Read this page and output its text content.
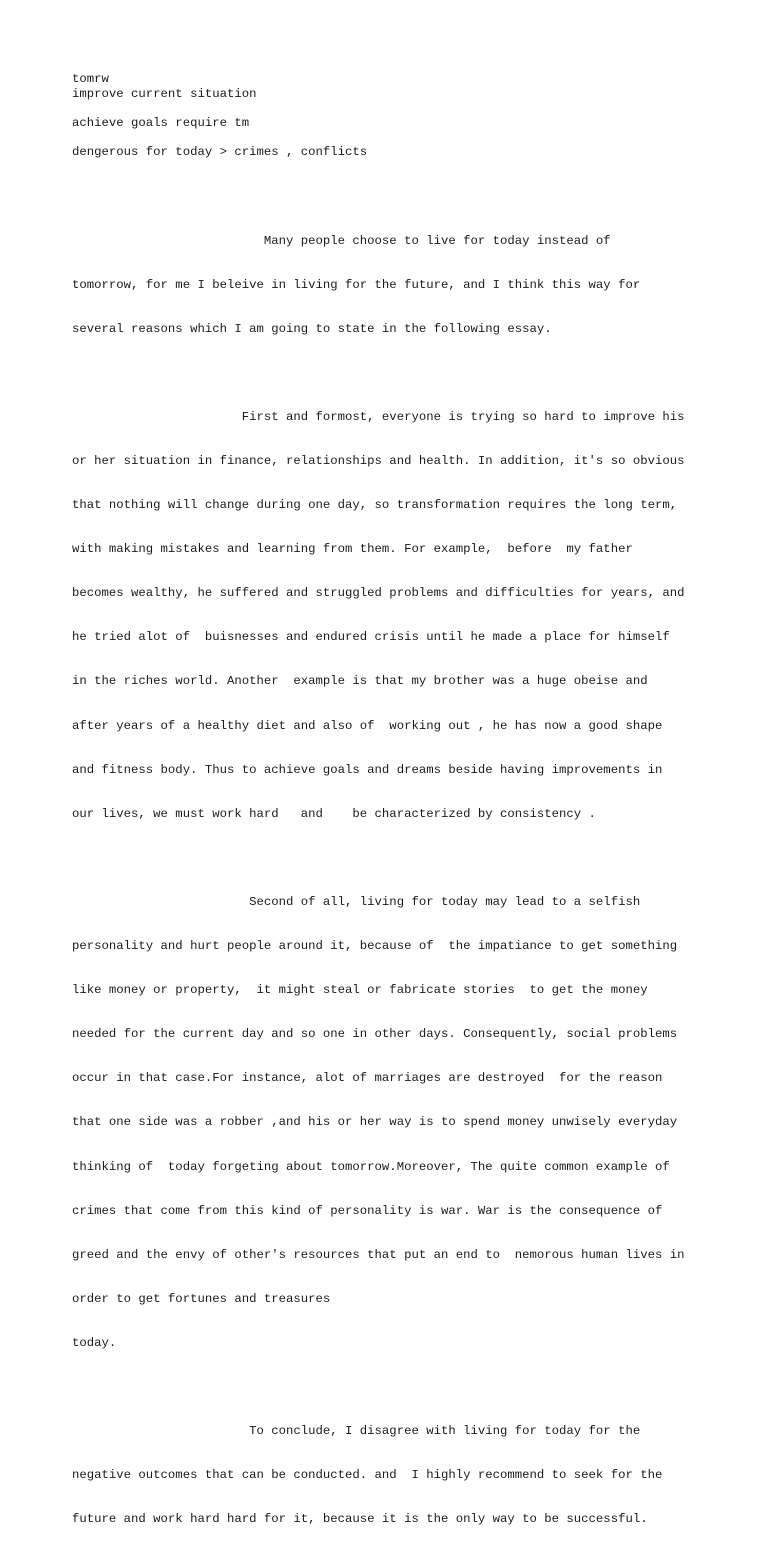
tomrw
improve current situation
achieve goals require tm
dengerous for today > crimes , conflicts

Many people choose to live for today instead of

tomorrow, for me I beleive in living for the future, and I think this way for

several reasons which I am going to state in the following essay.

First and formost, everyone is trying so hard to improve his

or her situation in finance, relationships and health. In addition, it's so obvious

that nothing will change during one day, so transformation requires the long term,

with making mistakes and learning from them. For example,  before  my father

becomes wealthy, he suffered and struggled problems and difficulties for years, and

he tried alot of  buisnesses and endured crisis until he made a place for himself

in the riches world. Another  example is that my brother was a huge obeise and

after years of a healthy diet and also of  working out , he has now a good shape

and fitness body. Thus to achieve goals and dreams beside having improvements in

our lives, we must work hard   and    be characterized by consistency .

Second of all, living for today may lead to a selfish

personality and hurt people around it, because of  the impatiance to get something

like money or property,  it might steal or fabricate stories  to get the money

needed for the current day and so one in other days. Consequently, social problems

occur in that case.For instance, alot of marriages are destroyed  for the reason

that one side was a robber ,and his or her way is to spend money unwisely everyday

thinking of  today forgeting about tomorrow.Moreover, The quite common example of

crimes that come from this kind of personality is war. War is the consequence of

greed and the envy of other's resources that put an end to  nemorous human lives in

order to get fortunes and treasures

today.

To conclude, I disagree with living for today for the

negative outcomes that can be conducted. and  I highly recommend to seek for the

future and work hard hard for it, because it is the only way to be successful.
